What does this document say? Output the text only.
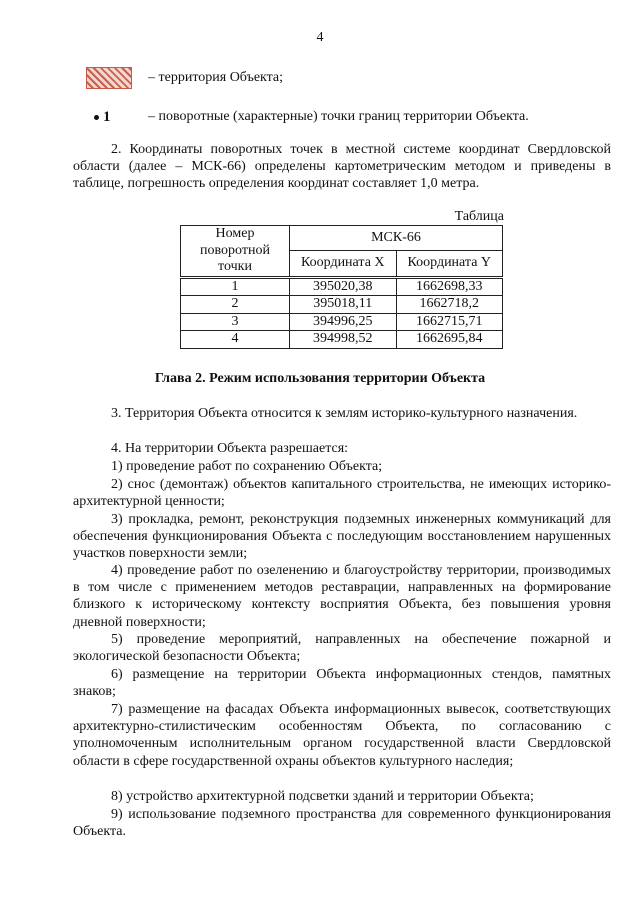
4
– территория Объекта;
1	– поворотные (характерные) точки границ территории Объекта.

2. Координаты поворотных точек в местной системе координат Свердловской области (далее – МСК-66) определены картометрическим методом и приведены в таблице, погрешность определения координат составляет 1,0 метра.

Таблица
Номер поворотной точки	МСК-66	
	Координата X	Координата Y
1	395020,38	1662698,33
2	395018,11	1662718,2
3	394996,25	1662715,71
4	394998,52	1662695,84
Глава 2. Режим использования территории Объекта

3. Территория Объекта относится к землям историко-культурного назначения.

4. На территории Объекта разрешается:

1) проведение работ по сохранению Объекта;

2) снос (демонтаж) объектов капитального строительства, не имеющих историко-архитектурной ценности;

3) прокладка, ремонт, реконструкция подземных инженерных коммуникаций для обеспечения функционирования Объекта с последующим восстановлением нарушенных участков поверхности земли;

4) проведение работ по озеленению и благоустройству территории, производимых в том числе с применением методов реставрации, направленных на формирование близкого к историческому контексту восприятия Объекта, без повышения уровня дневной поверхности;

5) проведение мероприятий, направленных на обеспечение пожарной и экологической безопасности Объекта;

6) размещение на территории Объекта информационных стендов, памятных знаков;

7) размещение на фасадах Объекта информационных вывесок, соответствующих архитектурно-стилистическим особенностям Объекта, по согласованию с уполномоченным исполнительным органом государственной власти Свердловской области в сфере государственной охраны объектов культурного наследия;

8) устройство архитектурной подсветки зданий и территории Объекта;

9) использование подземного пространства для современного функционирования Объекта.
